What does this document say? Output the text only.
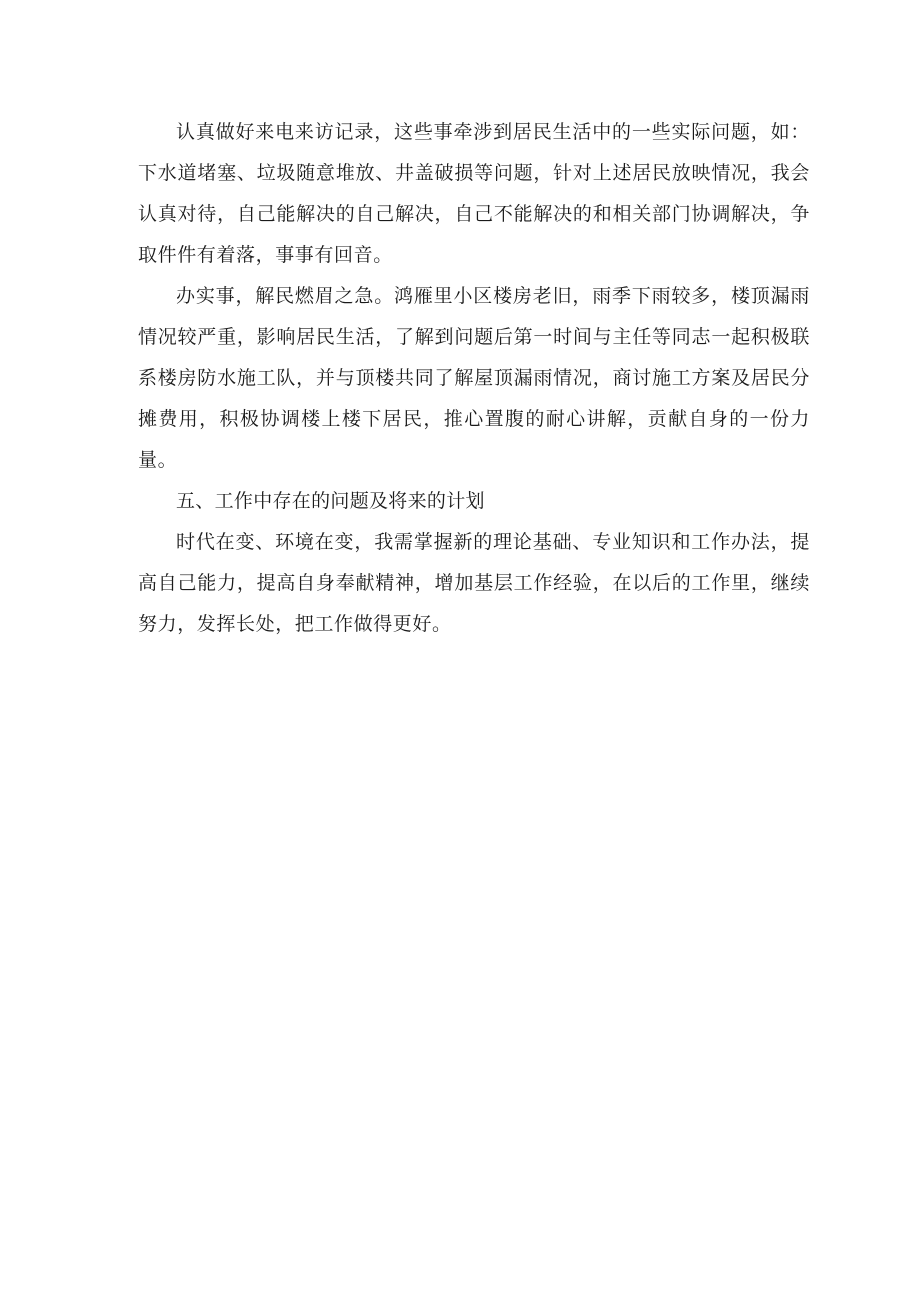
认真做好来电来访记录，这些事牵涉到居民生活中的一些实际问题，如：下水道堵塞、垃圾随意堆放、井盖破损等问题，针对上述居民放映情况，我会认真对待，自己能解决的自己解决，自己不能解决的和相关部门协调解决，争取件件有着落，事事有回音。

办实事，解民燃眉之急。鸿雁里小区楼房老旧，雨季下雨较多，楼顶漏雨情况较严重，影响居民生活，了解到问题后第一时间与主任等同志一起积极联系楼房防水施工队，并与顶楼共同了解屋顶漏雨情况，商讨施工方案及居民分摊费用，积极协调楼上楼下居民，推心置腹的耐心讲解，贡献自身的一份力量。

五、工作中存在的问题及将来的计划

时代在变、环境在变，我需掌握新的理论基础、专业知识和工作办法，提高自己能力，提高自身奉献精神，增加基层工作经验，在以后的工作里，继续努力，发挥长处，把工作做得更好。
